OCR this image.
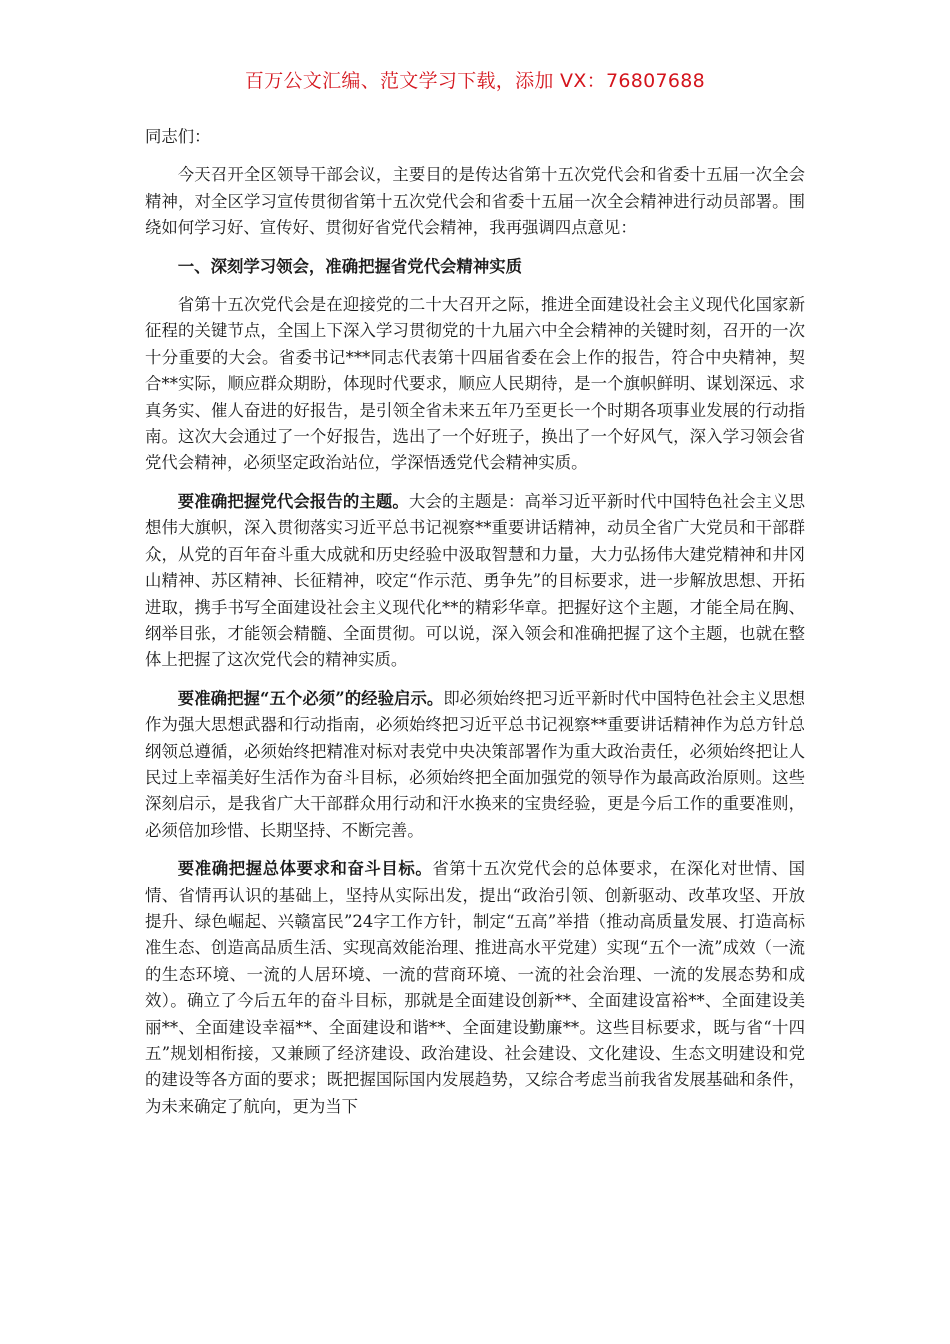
百万公文汇编、范文学习下载，添加 VX：76807688

同志们：

今天召开全区领导干部会议，主要目的是传达省第十五次党代会和省委十五届一次全会精神，对全区学习宣传贯彻省第十五次党代会和省委十五届一次全会精神进行动员部署。围绕如何学习好、宣传好、贯彻好省党代会精神，我再强调四点意见：

一、深刻学习领会，准确把握省党代会精神实质

省第十五次党代会是在迎接党的二十大召开之际，推进全面建设社会主义现代化国家新征程的关键节点，全国上下深入学习贯彻党的十九届六中全会精神的关键时刻，召开的一次十分重要的大会。省委书记***同志代表第十四届省委在会上作的报告，符合中央精神，契合**实际，顺应群众期盼，体现时代要求，顺应人民期待，是一个旗帜鲜明、谋划深远、求真务实、催人奋进的好报告，是引领全省未来五年乃至更长一个时期各项事业发展的行动指南。这次大会通过了一个好报告，选出了一个好班子，换出了一个好风气，深入学习领会省党代会精神，必须坚定政治站位，学深悟透党代会精神实质。

要准确把握党代会报告的主题。大会的主题是：高举习近平新时代中国特色社会主义思想伟大旗帜，深入贯彻落实习近平总书记视察**重要讲话精神，动员全省广大党员和干部群众，从党的百年奋斗重大成就和历史经验中汲取智慧和力量，大力弘扬伟大建党精神和井冈山精神、苏区精神、长征精神，咬定“作示范、勇争先”的目标要求，进一步解放思想、开拓进取，携手书写全面建设社会主义现代化**的精彩华章。把握好这个主题，才能全局在胸、纲举目张，才能领会精髓、全面贯彻。可以说，深入领会和准确把握了这个主题，也就在整体上把握了这次党代会的精神实质。

要准确把握“五个必须”的经验启示。即必须始终把习近平新时代中国特色社会主义思想作为强大思想武器和行动指南，必须始终把习近平总书记视察**重要讲话精神作为总方针总纲领总遵循，必须始终把精准对标对表党中央决策部署作为重大政治责任，必须始终把让人民过上幸福美好生活作为奋斗目标，必须始终把全面加强党的领导作为最高政治原则。这些深刻启示，是我省广大干部群众用行动和汗水换来的宝贵经验，更是今后工作的重要准则，必须倍加珍惜、长期坚持、不断完善。

要准确把握总体要求和奋斗目标。省第十五次党代会的总体要求，在深化对世情、国情、省情再认识的基础上，坚持从实际出发，提出“政治引领、创新驱动、改革攻坚、开放提升、绿色崛起、兴赣富民”24字工作方针，制定“五高”举措（推动高质量发展、打造高标准生态、创造高品质生活、实现高效能治理、推进高水平党建）实现“五个一流”成效（一流的生态环境、一流的人居环境、一流的营商环境、一流的社会治理、一流的发展态势和成效）。确立了今后五年的奋斗目标，那就是全面建设创新**、全面建设富裕**、全面建设美丽**、全面建设幸福**、全面建设和谐**、全面建设勤廉**。这些目标要求，既与省“十四五”规划相衔接，又兼顾了经济建设、政治建设、社会建设、文化建设、生态文明建设和党的建设等各方面的要求；既把握国际国内发展趋势，又综合考虑当前我省发展基础和条件，为未来确定了航向，更为当下
